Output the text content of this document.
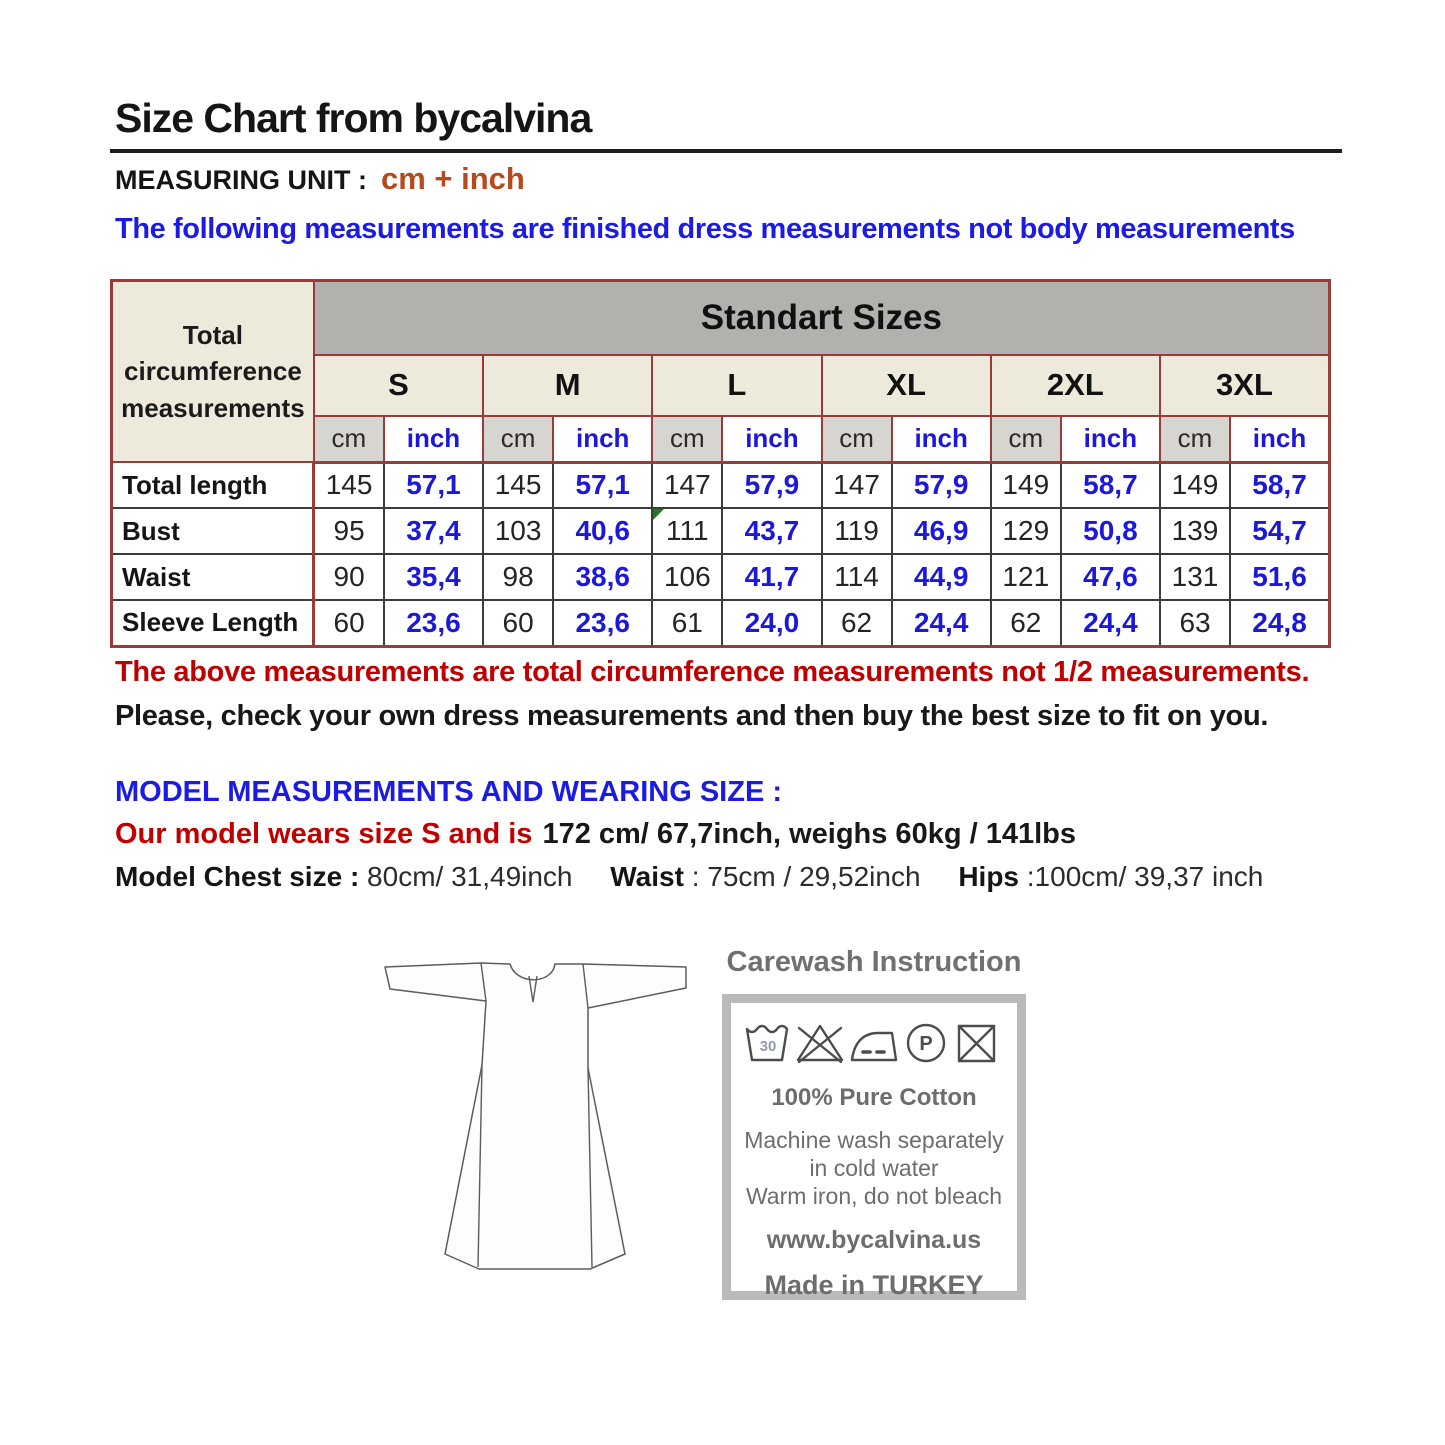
Size Chart from bycalvina
MEASURING UNIT : cm + inch
The following measurements are finished dress measurements not body measurements
Total circumference measurements	Standart Sizes											
	S		M		L		XL		2XL		3XL	
	cm	inch	cm	inch	cm	inch	cm	inch	cm	inch	cm	inch
Total length	145	57,1	145	57,1	147	57,9	147	57,9	149	58,7	149	58,7
Bust	95	37,4	103	40,6	111	43,7	119	46,9	129	50,8	139	54,7
Waist	90	35,4	98	38,6	106	41,7	114	44,9	121	47,6	131	51,6
Sleeve Length	60	23,6	60	23,6	61	24,0	62	24,4	62	24,4	63	24,8
The above measurements are total circumference measurements not 1/2 measurements.
Please, check your own dress measurements and then buy the best size to fit on you.
MODEL MEASUREMENTS AND WEARING SIZE :
Our model wears size S and is 172 cm/ 67,7inch, weighs 60kg / 141lbs
Model Chest size : 80cm/ 31,49inch Waist : 75cm / 29,52inch Hips :100cm/ 39,37 inch
Carewash Instruction
30	P
100% Pure Cotton
Machine wash separately
in cold water
Warm iron, do not bleach
www.bycalvina.us
Made in TURKEY
